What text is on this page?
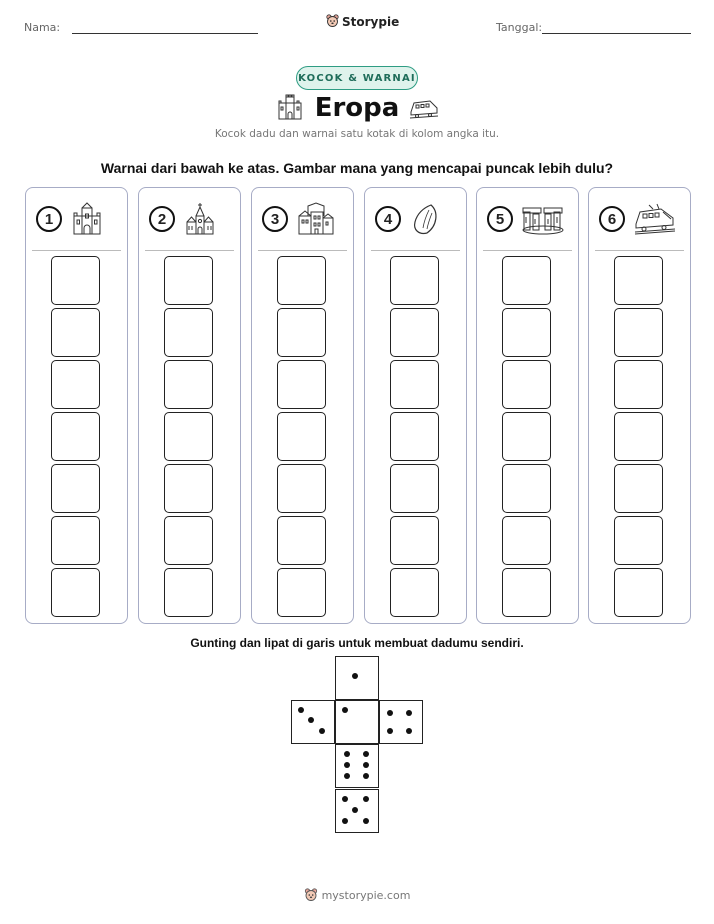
Nama:	Storypie	Tanggal:
KOCOK & WARNAI
Eropa
Kocok dadu dan warnai satu kotak di kolom angka itu.
Warnai dari bawah ke atas. Gambar mana yang mencapai puncak lebih dulu?
1	2	3	4	5	6
Gunting dan lipat di garis untuk membuat dadumu sendiri.
mystorypie.com
